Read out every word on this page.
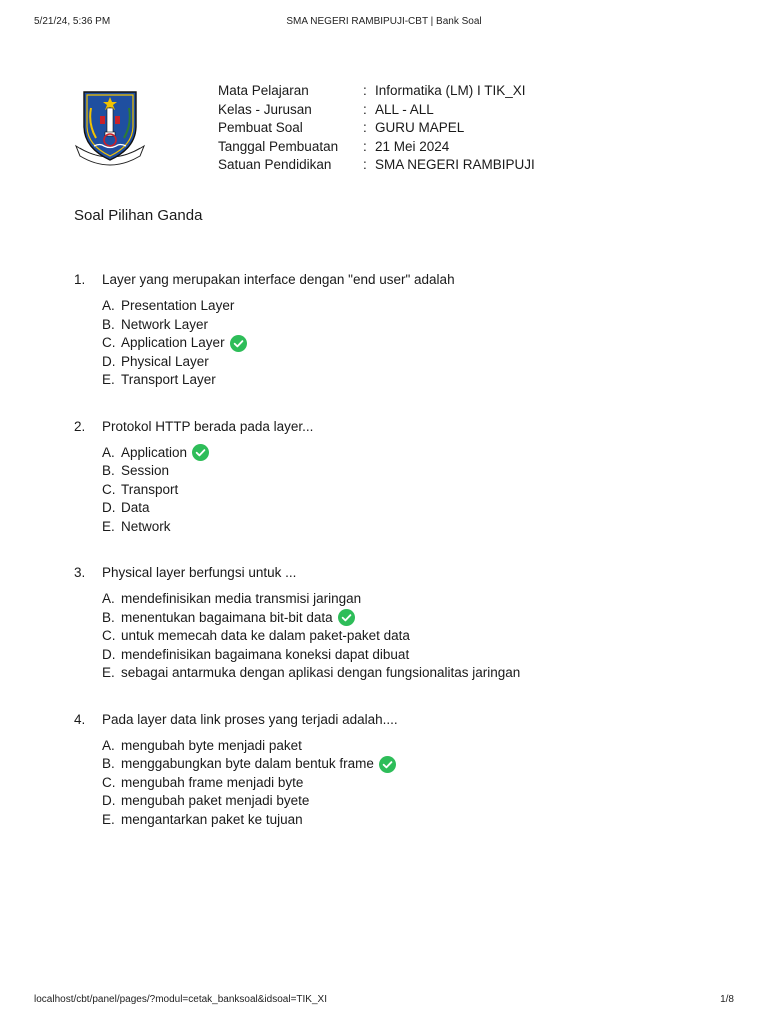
5/21/24, 5:36 PM	SMA NEGERI RAMBIPUJI-CBT | Bank Soal
Mata Pelajaran	: Informatika (LM) I TIK_XI
Kelas - Jurusan	: ALL - ALL
Pembuat Soal	: GURU MAPEL
Tanggal Pembuatan	: 21 Mei 2024
Satuan Pendidikan	: SMA NEGERI RAMBIPUJI
Soal Pilihan Ganda
1.	Layer yang merupakan interface dengan "end user" adalah
A. Presentation Layer
B. Network Layer
C. Application Layer
D. Physical Layer
E. Transport Layer
2.	Protokol HTTP berada pada layer...
A. Application
B. Session
C. Transport
D. Data
E. Network
3.	Physical layer berfungsi untuk ...
A. mendefinisikan media transmisi jaringan
B. menentukan bagaimana bit-bit data
C. untuk memecah data ke dalam paket-paket data
D. mendefinisikan bagaimana koneksi dapat dibuat
E. sebagai antarmuka dengan aplikasi dengan fungsionalitas jaringan
4.	Pada layer data link proses yang terjadi adalah....
A. mengubah byte menjadi paket
B. menggabungkan byte dalam bentuk frame
C. mengubah frame menjadi byte
D. mengubah paket menjadi byete
E. mengantarkan paket ke tujuan
localhost/cbt/panel/pages/?modul=cetak_banksoal&idsoal=TIK_XI	1/8
